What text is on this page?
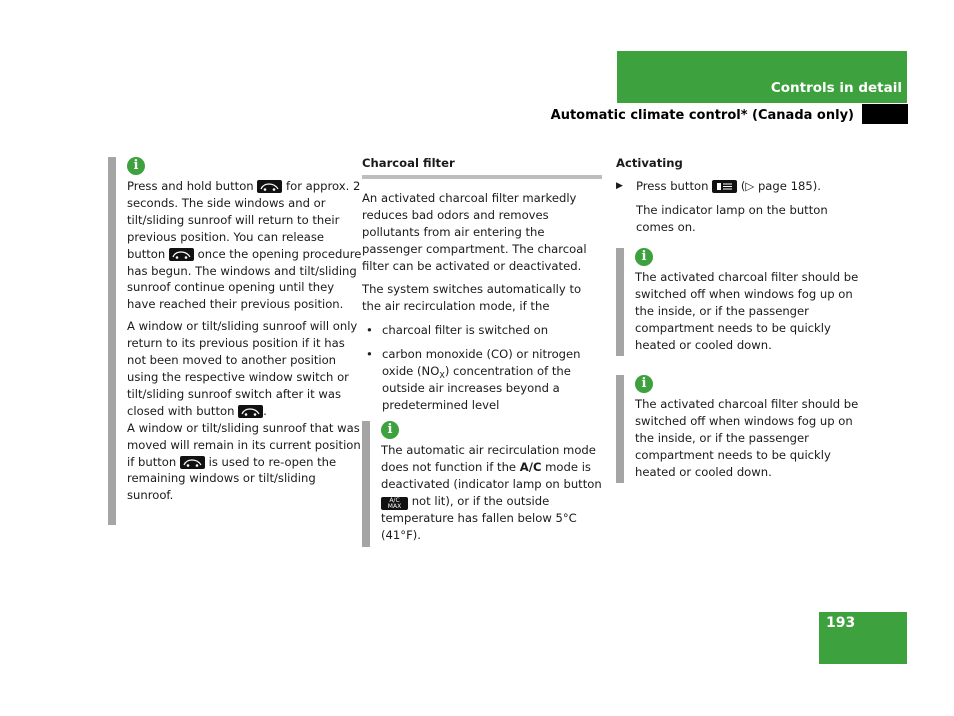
Controls in detail
Automatic climate control* (Canada only)
i

Press and hold button	for approx. 2 seconds. The side windows and or tilt/sliding sunroof will return to their previous position. You can release button	once the opening procedure has begun. The windows and tilt/sliding sunroof continue opening until they have reached their previous position.

A window or tilt/sliding sunroof will only return to its previous position if it has not been moved to another position using the respective window switch or tilt/sliding sunroof switch after it was closed with button .

A window or tilt/sliding sunroof that was moved will remain in its current position if button	is used to re-open the remaining windows or tilt/sliding sunroof.

Charcoal filter

An activated charcoal filter markedly reduces bad odors and removes pollutants from air entering the passenger compartment. The charcoal filter can be activated or deactivated.

The system switches automatically to the air recirculation mode, if the

• charcoal filter is switched on
• carbon monoxide (CO) or nitrogen oxide $(NO_X)$ concentration of the outside air increases beyond a predetermined level
i

The automatic air recirculation mode does not function if the A/C mode is deactivated (indicator lamp on button A/C
MAX not lit), or if the outside temperature has fallen below 5°C (41°F).

Activating

▶ Press button	(▷ page 185).

The indicator lamp on the button comes on.

i

The activated charcoal filter should be switched off when windows fog up on the inside, or if the passenger compartment needs to be quickly heated or cooled down.

i

The activated charcoal filter should be switched off when windows fog up on the inside, or if the passenger compartment needs to be quickly heated or cooled down.

193
